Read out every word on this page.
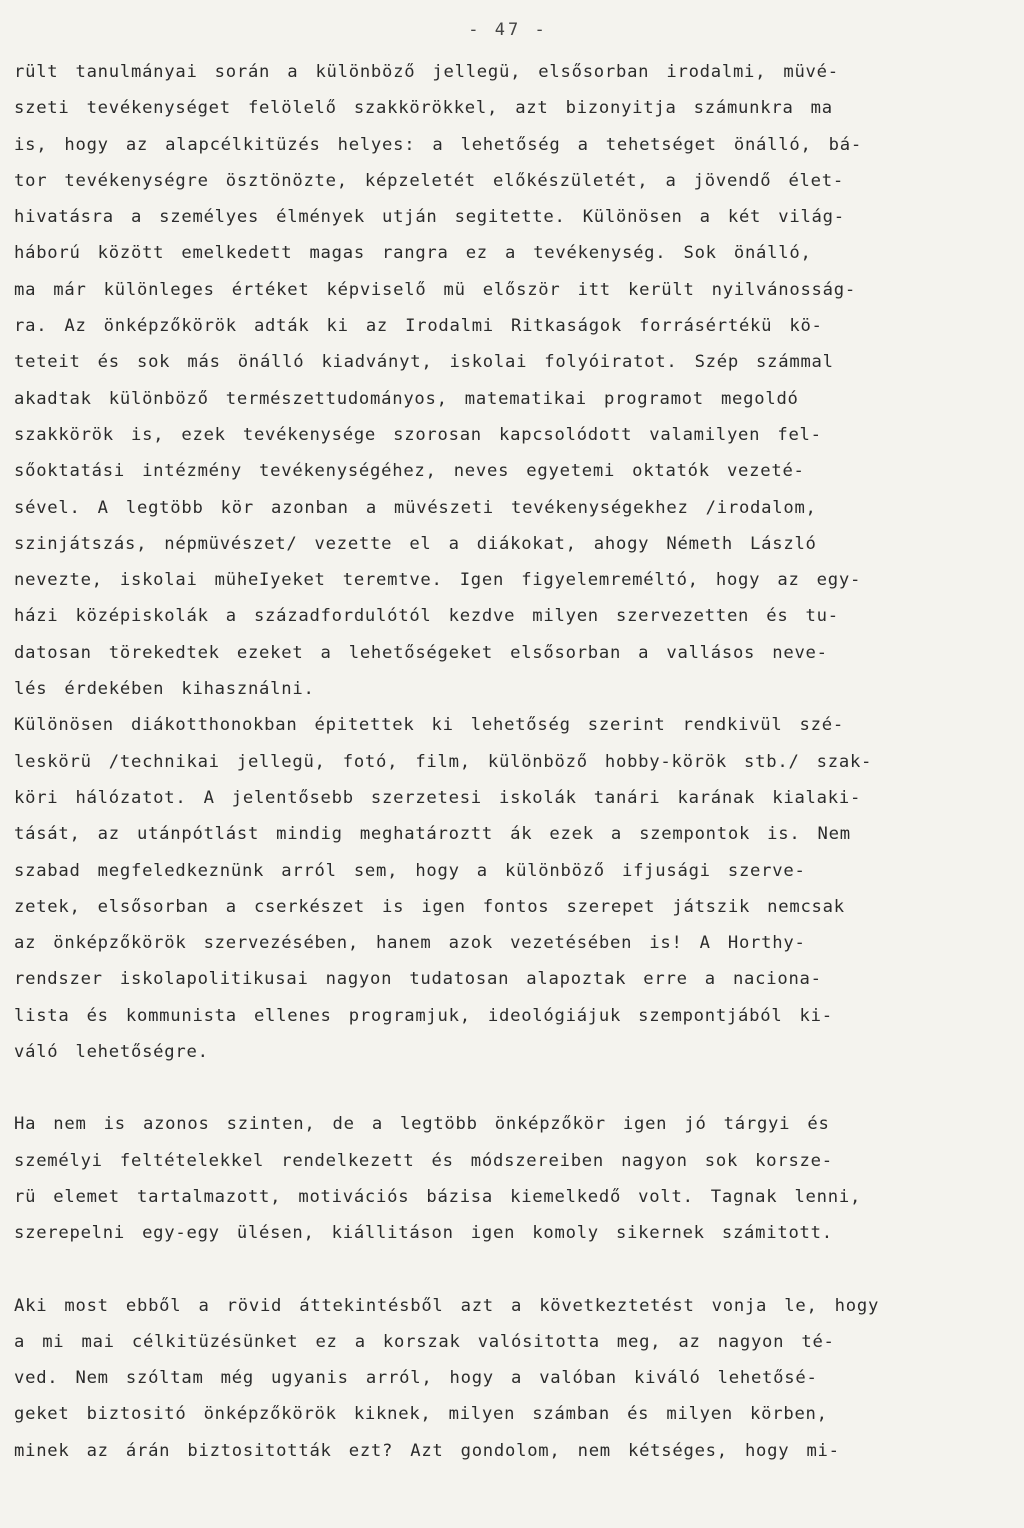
- 47 -
rült tanulmányai során a különböző jellegü, elsősorban irodalmi, müvé-
szeti tevékenységet felölelő szakkörökkel, azt bizonyitja számunkra ma
is, hogy az alapcélkitüzés helyes: a lehetőség a tehetséget önálló, bá-
tor tevékenységre ösztönözte, képzeletét előkészületét, a jövendő élet-
hivatásra a személyes élmények utján segitette. Különösen a két világ-
háború között emelkedett magas rangra ez a tevékenység. Sok önálló,
ma már különleges értéket képviselő mü először itt került nyilvánosság-
ra. Az önképzőkörök adták ki az Irodalmi Ritkaságok forrásértékü kö-
teteit és sok más önálló kiadványt, iskolai folyóiratot. Szép számmal
akadtak különböző természettudományos, matematikai programot megoldó
szakkörök is, ezek tevékenysége szorosan kapcsolódott valamilyen fel-
sőoktatási intézmény tevékenységéhez, neves egyetemi oktatók vezeté-
sével. A legtöbb kör azonban a müvészeti tevékenységekhez /irodalom,
szinjátszás, népmüvészet/ vezette el a diákokat, ahogy Németh László
nevezte, iskolai müheIyeket teremtve. Igen figyelemreméltó, hogy az egy-
házi középiskolák a századfordulótól kezdve milyen szervezetten és tu-
datosan törekedtek ezeket a lehetőségeket elsősorban a vallásos neve-
lés érdekében kihasználni.
Különösen diákotthonokban épitettek ki lehetőség szerint rendkivül szé-
leskörü /technikai jellegü, fotó, film, különböző hobby-körök stb./ szak-
köri hálózatot. A jelentősebb szerzetesi iskolák tanári karának kialaki-
tását, az utánpótlást mindig meghatároztt ák ezek a szempontok is. Nem
szabad megfeledkeznünk arról sem, hogy a különböző ifjusági szerve-
zetek, elsősorban a cserkészet is igen fontos szerepet játszik nemcsak
az önképzőkörök szervezésében, hanem azok vezetésében is! A Horthy-
rendszer iskolapolitikusai nagyon tudatosan alapoztak erre a naciona-
lista és kommunista ellenes programjuk, ideológiájuk szempontjából ki-
váló lehetőségre.
Ha nem is azonos szinten, de a legtöbb önképzőkör igen jó tárgyi és
személyi feltételekkel rendelkezett és módszereiben nagyon sok korsze-
rü elemet tartalmazott, motivációs bázisa kiemelkedő volt. Tagnak lenni,
szerepelni egy-egy ülésen, kiállitáson igen komoly sikernek számitott.
Aki most ebből a rövid áttekintésből azt a következtetést vonja le, hogy
a mi mai célkitüzésünket ez a korszak valósitotta meg, az nagyon té-
ved. Nem szóltam még ugyanis arról, hogy a valóban kiváló lehetősé-
geket biztositó önképzőkörök kiknek, milyen számban és milyen körben,
minek az árán biztositották ezt? Azt gondolom, nem kétséges, hogy mi-
